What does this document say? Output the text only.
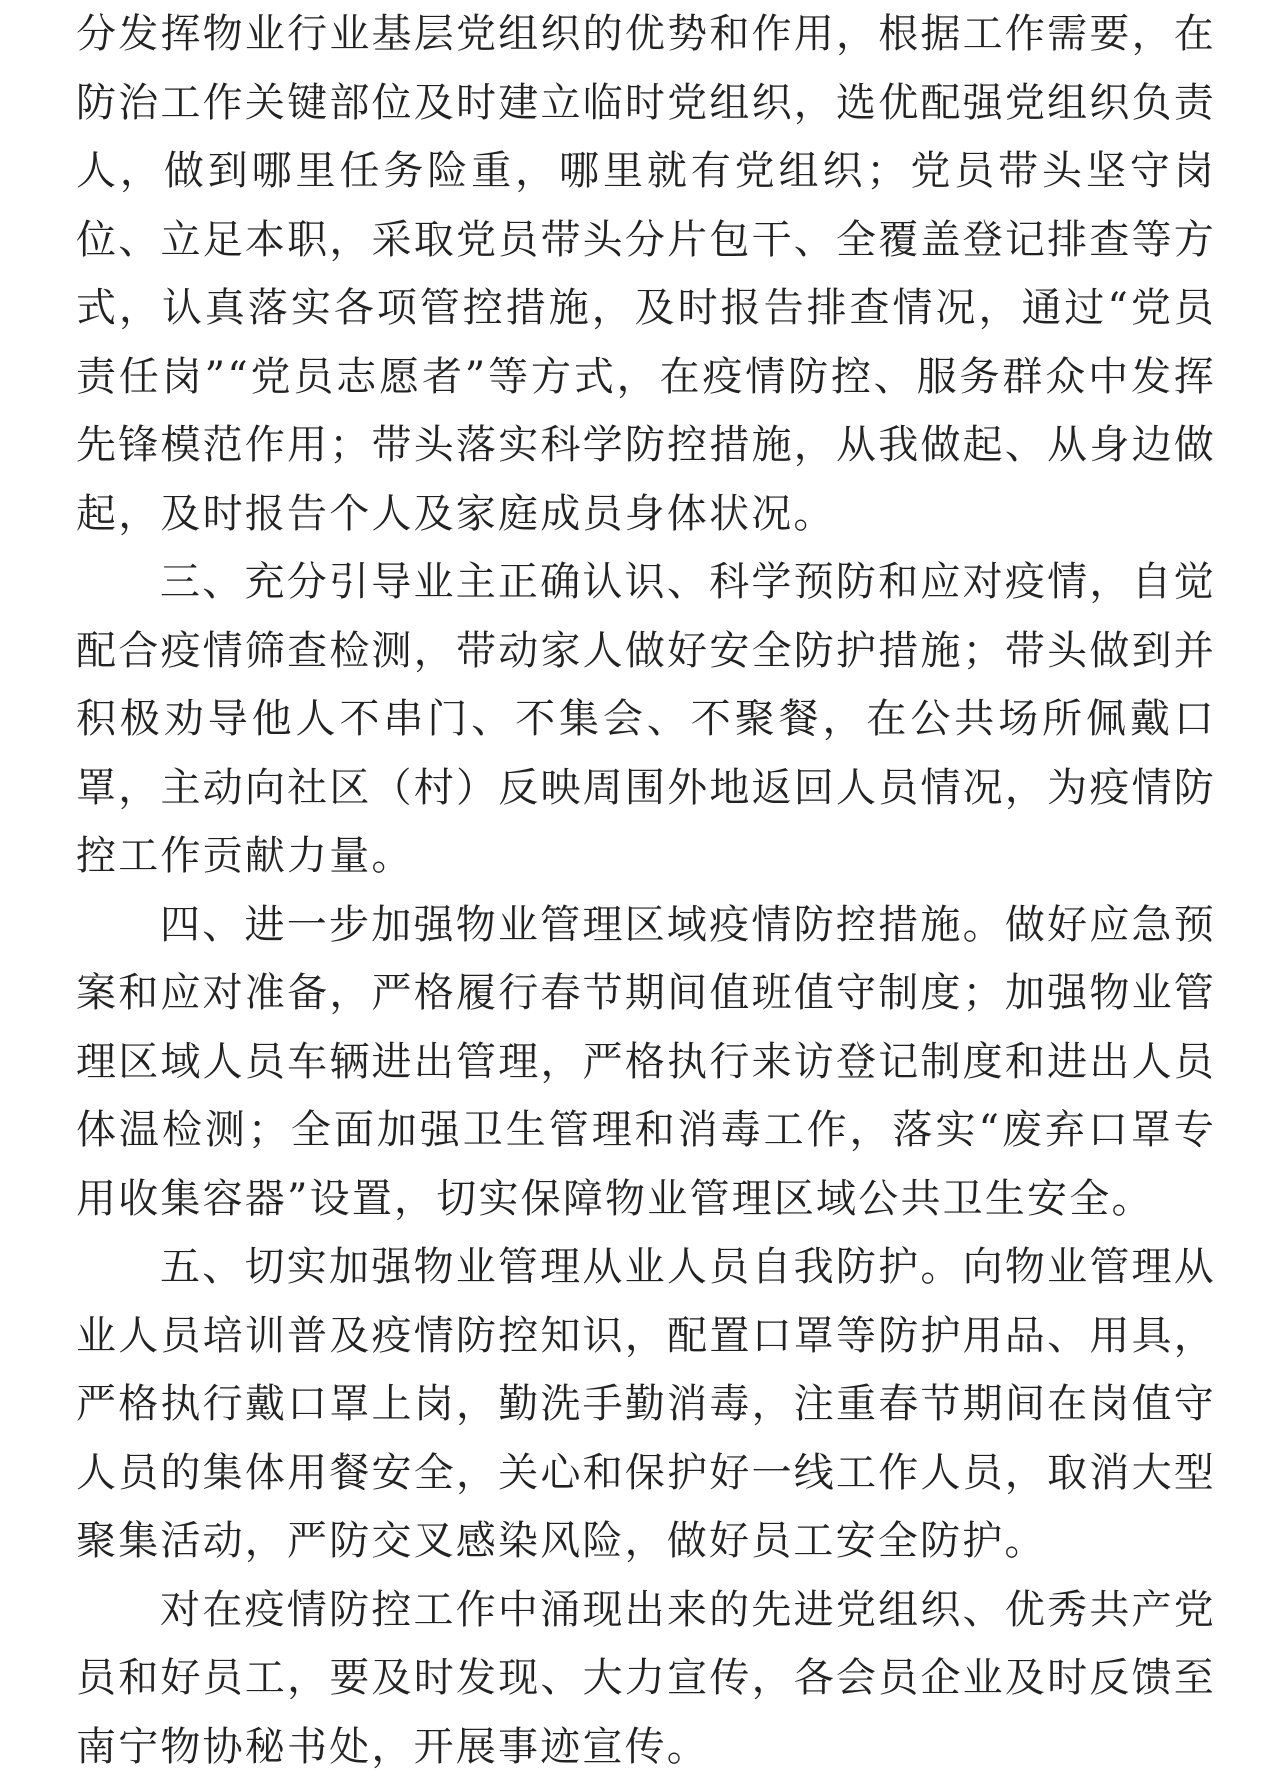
分发挥物业行业基层党组织的优势和作用，根据工作需要，在防治工作关键部位及时建立临时党组织，选优配强党组织负责人，做到哪里任务险重，哪里就有党组织；党员带头坚守岗位、立足本职，采取党员带头分片包干、全覆盖登记排查等方式，认真落实各项管控措施，及时报告排查情况，通过“党员责任岗”“党员志愿者”等方式，在疫情防控、服务群众中发挥先锋模范作用；带头落实科学防控措施，从我做起、从身边做起，及时报告个人及家庭成员身体状况。

三、充分引导业主正确认识、科学预防和应对疫情，自觉配合疫情筛查检测，带动家人做好安全防护措施；带头做到并积极劝导他人不串门、不集会、不聚餐，在公共场所佩戴口罩，主动向社区（村）反映周围外地返回人员情况，为疫情防控工作贡献力量。

四、进一步加强物业管理区域疫情防控措施。做好应急预案和应对准备，严格履行春节期间值班值守制度；加强物业管理区域人员车辆进出管理，严格执行来访登记制度和进出人员体温检测；全面加强卫生管理和消毒工作，落实“废弃口罩专用收集容器”设置，切实保障物业管理区域公共卫生安全。

五、切实加强物业管理从业人员自我防护。向物业管理从业人员培训普及疫情防控知识，配置口罩等防护用品、用具，严格执行戴口罩上岗，勤洗手勤消毒，注重春节期间在岗值守人员的集体用餐安全，关心和保护好一线工作人员，取消大型聚集活动，严防交叉感染风险，做好员工安全防护。

对在疫情防控工作中涌现出来的先进党组织、优秀共产党员和好员工，要及时发现、大力宣传，各会员企业及时反馈至南宁物协秘书处，开展事迹宣传。
